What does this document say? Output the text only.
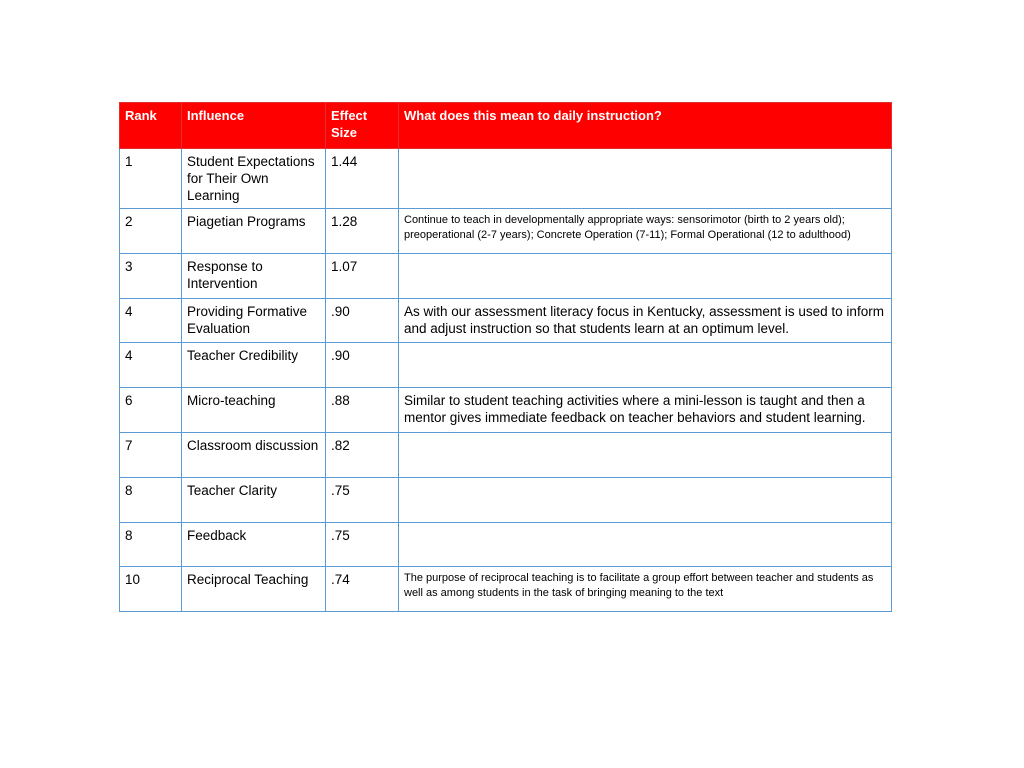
Rank	Influence	Effect Size	What does this mean to daily instruction?
1	Student Expectations for Their Own Learning	1.44	
2	Piagetian Programs	1.28	Continue to teach in developmentally appropriate ways: sensorimotor (birth to 2 years old); preoperational (2-7 years); Concrete Operation (7-11); Formal Operational (12 to adulthood)
3	Response to Intervention	1.07	
4	Providing Formative Evaluation	.90	As with our assessment literacy focus in Kentucky, assessment is used to inform and adjust instruction so that students learn at an optimum level.
4	Teacher Credibility	.90	
6	Micro-teaching	.88	Similar to student teaching activities where a mini-lesson is taught and then a mentor gives immediate feedback on teacher behaviors and student learning.
7	Classroom discussion	.82	
8	Teacher Clarity	.75	
8	Feedback	.75	
10	Reciprocal Teaching	.74	The purpose of reciprocal teaching is to facilitate a group effort between teacher and students as well as among students in the task of bringing meaning to the text
